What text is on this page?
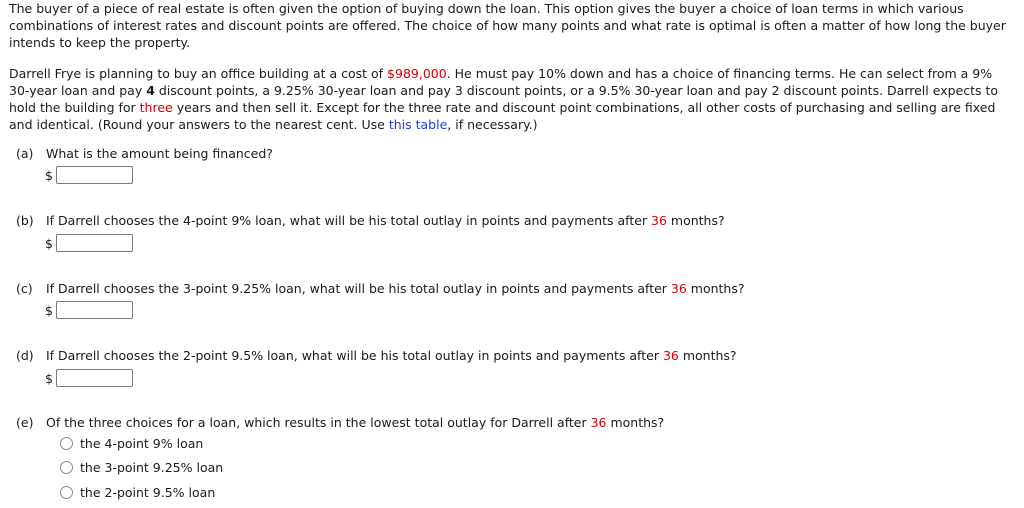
The buyer of a piece of real estate is often given the option of buying down the loan. This option gives the buyer a choice of loan terms in which various combinations of interest rates and discount points are offered. The choice of how many points and what rate is optimal is often a matter of how long the buyer intends to keep the property.

Darrell Frye is planning to buy an office building at a cost of $989,000. He must pay 10% down and has a choice of financing terms. He can select from a 9% 30-year loan and pay 4 discount points, a 9.25% 30-year loan and pay 3 discount points, or a 9.5% 30-year loan and pay 2 discount points. Darrell expects to hold the building for three years and then sell it. Except for the three rate and discount point combinations, all other costs of purchasing and selling are fixed and identical. (Round your answers to the nearest cent. Use this table, if necessary.)

(a) What is the amount being financed?
$
(b) If Darrell chooses the 4-point 9% loan, what will be his total outlay in points and payments after 36 months?
$
(c) If Darrell chooses the 3-point 9.25% loan, what will be his total outlay in points and payments after 36 months?
$
(d) If Darrell chooses the 2-point 9.5% loan, what will be his total outlay in points and payments after 36 months?
$
(e) Of the three choices for a loan, which results in the lowest total outlay for Darrell after 36 months?
the 4-point 9% loan
the 3-point 9.25% loan
the 2-point 9.5% loan
